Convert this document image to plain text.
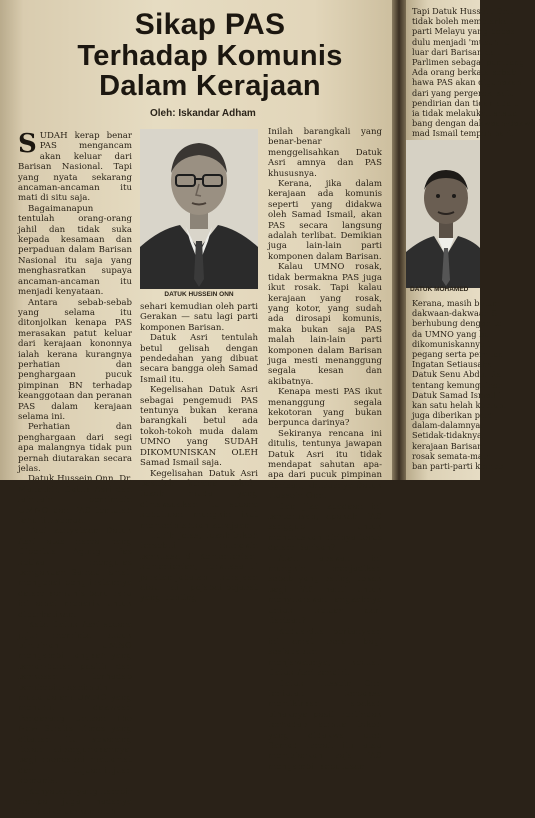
Sikap PAS
Terhadap Komunis
Dalam Kerajaan
Oleh: Iskandar Adham

SUDAH kerap benar PAS mengancam akan keluar dari Barisan Nasional. Tapi yang nyata sekarang ancaman-ancaman itu mati di situ saja.

Bagaimanapun tentulah orang-orang jahil dan tidak suka kepada kesamaan dan perpaduan dalam Barisan Nasional itu saja yang menghasratkan supaya ancaman-ancaman itu menjadi kenyataan.

Antara sebab-sebab yang selama itu ditonjolkan kenapa PAS merasakan patut keluar dari kerajaan kononnya ialah kerana kurangnya perhatian dan penghargaan pucuk pimpinan BN terhadap keanggotaan dan peranan PAS dalam kerajaan selama ini.

Perhatian dan penghargaan dari segi apa malangnya tidak pun pernah diutarakan secara jelas.

Datuk Hussein Onn, Dr. Mahathir, Datuk Asri dan lain-lain pemimpin UMNO dan PAS tentulah tahu itu semua.

Tapi kenyataan Datuk Asri atas nama Yang Dipertua Agung Pas ketika mengulas pengakuan Samad Ismail mengenai penglibatannya dalam komunis baru-baru ini amat menarik untuk diperhatikan.

Kata Datuk Asri secara jujur meminta pucuk pimpinan UMNO mengambil langkah yang benar-benar positif dan berkesan terhadap pemimpin-pemimpin muda dalam UMNO yang menurut dakwaan Pengarang Urusan The New Straits Times yang ditahan itu sekarang 'telah dipergunakannya' bagi mencapai matlamat dan tujuan-tujuan komunis.

Kenyataan yang hampir serupa juga nadanya telah dikeluarkan oleh

DATUK HUSSEIN ONN

sehari kemudian oleh parti Gerakan — satu lagi parti komponen Barisan.

Datuk Asri tentulah betul gelisah dengan pendedahan yang dibuat secara bangga oleh Samad Ismail itu.

Kegelisahan Datuk Asri sebagai pengemudi PAS tentunya bukan kerana barangkali betul ada tokoh-tokoh muda dalam UMNO yang SUDAH DIKOMUNISKAN OLEH Samad Ismail saja.

Kegelisahan Datuk Asri pastilah kerana tokoh-tokoh muda yang dimaksudkan itu secara kebetulan mungkin ikut memerintahkan kerajaan.

Lebih jelas, tokoh-tokoh tersebut mungkin berkuasa di Kementerian-kementerian, berkuasa di jabatan-jabatan kerajaan atau di pejabat-pejabat yang penting

Inilah barangkali yang benar-benar menggelisahkan Datuk Asri amnya dan PAS khususnya.

Kerana, jika dalam kerajaan ada komunis seperti yang didakwa oleh Samad Ismail, akan PAS secara langsung adalah terlibat. Demikian juga lain-lain parti komponen dalam Barisan.

Kalau UMNO rosak, tidak bermakna PAS juga ikut rosak. Tapi kalau kerajaan yang rosak, yang kotor, yang sudah ada dirosapi komunis, maka bukan saja PAS malah lain-lain parti komponen dalam Barisan juga mesti menanggung segala kesan dan akibatnya.

Kenapa mesti PAS ikut menanggung segala kekotoran yang bukan berpunca darinya?

Sekiranya rencana ini ditulis, tentunya jawapan Datuk Asri itu tidak mendapat sahutan apa-apa dari pucuk pimpinan Barisan, khususnya Datuk Hussein Onn.

Dan jika keadaan ini berterusan, apakah PAS sanggup untuk meneruskan dirinya terus dalam Barisan?

Atau apakah ini mungkin menjadikan sebab yang paling pokok bagi PAS nanti untuk menyuarakan langkahnya untuk 'keluar' dari Barisan?

Kedua-dua pertanyaan ini amat berat bagi sesiapapun menjawabnya, kecuali Datuk Asri sendiri.

Datuk Hussein Onn tentulah terpaksa memikirkan apakah pihaknya pasti bertindak terhadap semua tokoh yang didakwa oleh Samad Ismail itu atau membiarkan saja PAS mengambil keputusan

Tapi Datuk Hussein Onn
tidak boleh membiarkan
parti Melayu yang bebas
dulu menjadi 'musuh' U
luar dari Barisan dan
Parlimen sebagai pembang
Ada orang berkata sebab
hawa PAS akan digunakan
dari yang pergerak, satu
pendirian dan tidak ada p
ia tidak melakukan sesua
bang dengan dakwaan-dakwa
mad Ismail tempoh hari.
DATUK MOHAMED
Kerana, masih belum
dakwaan-dakwaan S
berhubung dengan to
da UMNO yang be
dikomuniskannya i
pegang serta peranan
Ingatan Setiausaha
Datuk Senu Abdul Ra
tentang kemungkinan
Datuk Samad Ismail i
kan satu helah komuni
juga diberikan perh
dalam-dalamnya.
Setidak-tidaknya,
kerajaan Barisan
rosak semata-mata
ban parti-parti kompo
